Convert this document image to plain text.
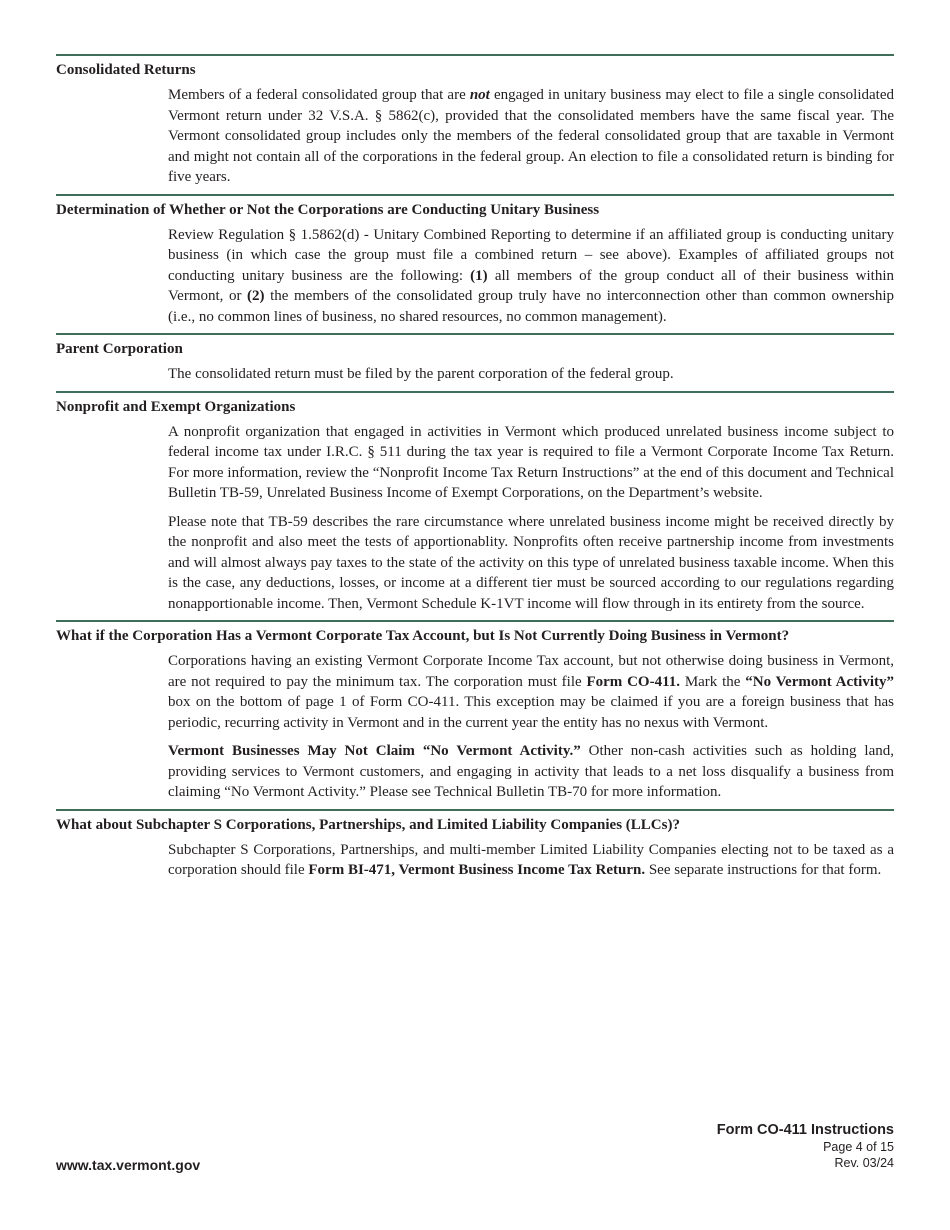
Consolidated Returns

Members of a federal consolidated group that are not engaged in unitary business may elect to file a single consolidated Vermont return under 32 V.S.A. § 5862(c), provided that the consolidated members have the same fiscal year. The Vermont consolidated group includes only the members of the federal consolidated group that are taxable in Vermont and might not contain all of the corporations in the federal group. An election to file a consolidated return is binding for five years.

Determination of Whether or Not the Corporations are Conducting Unitary Business

Review Regulation § 1.5862(d) - Unitary Combined Reporting to determine if an affiliated group is conducting unitary business (in which case the group must file a combined return – see above). Examples of affiliated groups not conducting unitary business are the following: (1) all members of the group conduct all of their business within Vermont, or (2) the members of the consolidated group truly have no interconnection other than common ownership (i.e., no common lines of business, no shared resources, no common management).

Parent Corporation

The consolidated return must be filed by the parent corporation of the federal group.

Nonprofit and Exempt Organizations

A nonprofit organization that engaged in activities in Vermont which produced unrelated business income subject to federal income tax under I.R.C. § 511 during the tax year is required to file a Vermont Corporate Income Tax Return. For more information, review the “Nonprofit Income Tax Return Instructions” at the end of this document and Technical Bulletin TB-59, Unrelated Business Income of Exempt Corporations, on the Department’s website.

Please note that TB-59 describes the rare circumstance where unrelated business income might be received directly by the nonprofit and also meet the tests of apportionablity. Nonprofits often receive partnership income from investments and will almost always pay taxes to the state of the activity on this type of unrelated business taxable income. When this is the case, any deductions, losses, or income at a different tier must be sourced according to our regulations regarding nonapportionable income. Then, Vermont Schedule K-1VT income will flow through in its entirety from the source.

What if the Corporation Has a Vermont Corporate Tax Account, but Is Not Currently Doing Business in Vermont?

Corporations having an existing Vermont Corporate Income Tax account, but not otherwise doing business in Vermont, are not required to pay the minimum tax. The corporation must file Form CO-411. Mark the “No Vermont Activity” box on the bottom of page 1 of Form CO-411. This exception may be claimed if you are a foreign business that has periodic, recurring activity in Vermont and in the current year the entity has no nexus with Vermont.

Vermont Businesses May Not Claim “No Vermont Activity.” Other non-cash activities such as holding land, providing services to Vermont customers, and engaging in activity that leads to a net loss disqualify a business from claiming “No Vermont Activity.” Please see Technical Bulletin TB-70 for more information.

What about Subchapter S Corporations, Partnerships, and Limited Liability Companies (LLCs)?

Subchapter S Corporations, Partnerships, and multi-member Limited Liability Companies electing not to be taxed as a corporation should file Form BI-471, Vermont Business Income Tax Return. See separate instructions for that form.

Form CO-411 Instructions
Page 4 of 15
Rev. 03/24
www.tax.vermont.gov
